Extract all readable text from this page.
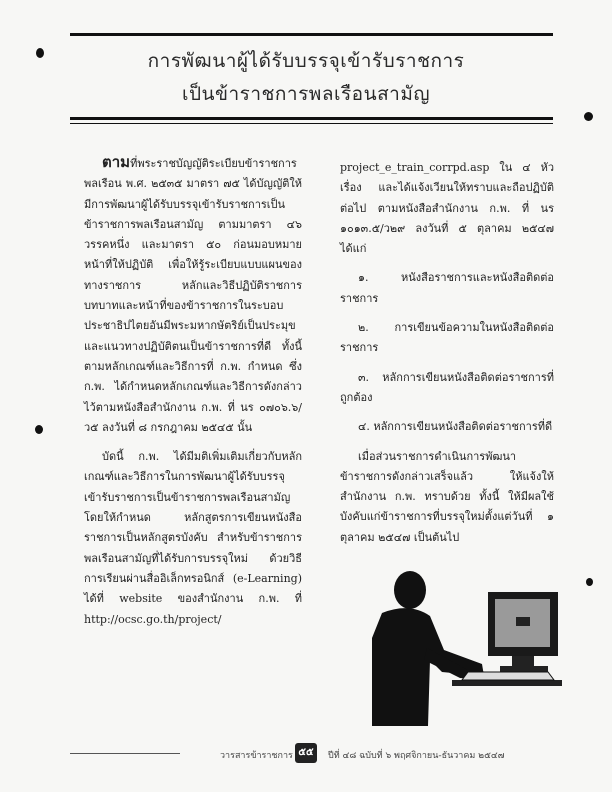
การพัฒนาผู้ได้รับบรรจุเข้ารับราชการ
เป็นข้าราชการพลเรือนสามัญ

ตามที่พระราชบัญญัติระเบียบข้าราชการพลเรือน พ.ศ. ๒๕๓๕ มาตรา ๗๕ ได้บัญญัติให้มีการพัฒนาผู้ได้รับบรรจุเข้ารับราชการเป็นข้าราชการพลเรือนสามัญ ตามมาตรา ๔๖ วรรคหนึ่ง และมาตรา ๕๐ ก่อนมอบหมายหน้าที่ให้ปฏิบัติ เพื่อให้รู้ระเบียบแบบแผนของทางราชการ หลักและวิธีปฏิบัติราชการ บทบาทและหน้าที่ของข้าราชการในระบอบประชาธิปไตยอันมีพระมหากษัตริย์เป็นประมุข และแนวทางปฏิบัติตนเป็นข้าราชการที่ดี ทั้งนี้ ตามหลักเกณฑ์และวิธีการที่ ก.พ. กำหนด ซึ่ง ก.พ. ได้กำหนดหลักเกณฑ์และวิธีการดังกล่าวไว้ตามหนังสือสำนักงาน ก.พ. ที่ นร ๐๗๐๖.๖/ว๕ ลงวันที่ ๘ กรกฎาคม ๒๕๔๕ นั้น

บัดนี้ ก.พ. ได้มีมติเพิ่มเติมเกี่ยวกับหลักเกณฑ์และวิธีการในการพัฒนาผู้ได้รับบรรจุเข้ารับราชการเป็นข้าราชการพลเรือนสามัญ โดยให้กำหนด หลักสูตรการเขียนหนังสือราชการเป็นหลักสูตรบังคับ สำหรับข้าราชการพลเรือนสามัญที่ได้รับการบรรจุใหม่ ด้วยวิธีการเรียนผ่านสื่ออิเล็กทรอนิกส์ (e-Learning) ได้ที่ website ของสำนักงาน ก.พ. ที่ http://ocsc.go.th/project/

project_e_train_corrpd.asp ใน ๔ หัวเรื่อง และได้แจ้งเวียนให้ทราบและถือปฏิบัติต่อไป ตามหนังสือสำนักงาน ก.พ. ที่ นร ๑๐๑๓.๕/ว๒๙ ลงวันที่ ๕ ตุลาคม ๒๕๔๗ ได้แก่

๑. หนังสือราชการและหนังสือติดต่อราชการ

๒. การเขียนข้อความในหนังสือติดต่อราชการ

๓. หลักการเขียนหนังสือติดต่อราชการที่ถูกต้อง

๔. หลักการเขียนหนังสือติดต่อราชการที่ดี

เมื่อส่วนราชการดำเนินการพัฒนาข้าราชการดังกล่าวเสร็จแล้ว ให้แจ้งให้สำนักงาน ก.พ. ทราบด้วย ทั้งนี้ ให้มีผลใช้บังคับแก่ข้าราชการที่บรรจุใหม่ตั้งแต่วันที่ ๑ ตุลาคม ๒๕๔๗ เป็นต้นไป

วารสารข้าราชการ ๕๕	ปีที่ ๔๘ ฉบับที่ ๖ พฤศจิกายน-ธันวาคม ๒๕๔๗
